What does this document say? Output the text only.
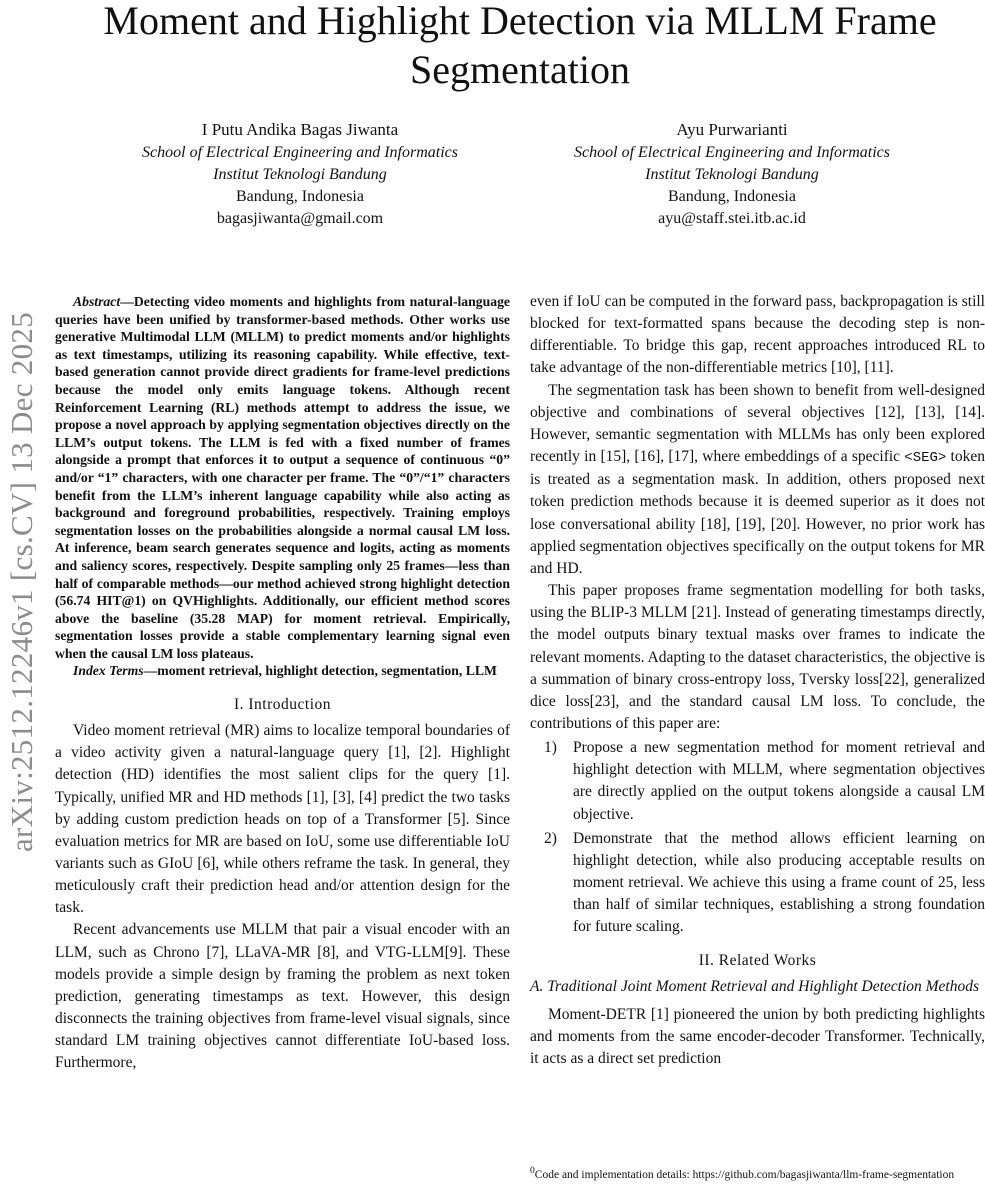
arXiv:2512.12246v1 [cs.CV] 13 Dec 2025
Moment and Highlight Detection via MLLM Frame Segmentation
I Putu Andika Bagas Jiwanta
School of Electrical Engineering and Informatics
Institut Teknologi Bandung
Bandung, Indonesia
bagasjiwanta@gmail.com
Ayu Purwarianti
School of Electrical Engineering and Informatics
Institut Teknologi Bandung
Bandung, Indonesia
ayu@staff.stei.itb.ac.id

Abstract—Detecting video moments and highlights from natural-language queries have been unified by transformer-based methods. Other works use generative Multimodal LLM (MLLM) to predict moments and/or highlights as text timestamps, utilizing its reasoning capability. While effective, text-based generation cannot provide direct gradients for frame-level predictions because the model only emits language tokens. Although recent Reinforcement Learning (RL) methods attempt to address the issue, we propose a novel approach by applying segmentation objectives directly on the LLM’s output tokens. The LLM is fed with a fixed number of frames alongside a prompt that enforces it to output a sequence of continuous “0” and/or “1” characters, with one character per frame. The “0”/“1” characters benefit from the LLM’s inherent language capability while also acting as background and foreground probabilities, respectively. Training employs segmentation losses on the probabilities alongside a normal causal LM loss. At inference, beam search generates sequence and logits, acting as moments and saliency scores, respectively. Despite sampling only 25 frames—less than half of comparable methods—our method achieved strong highlight detection (56.74 HIT@1) on QVHighlights. Additionally, our efficient method scores above the baseline (35.28 MAP) for moment retrieval. Empirically, segmentation losses provide a stable complementary learning signal even when the causal LM loss plateaus.

Index Terms—moment retrieval, highlight detection, segmentation, LLM

I. Introduction

Video moment retrieval (MR) aims to localize temporal boundaries of a video activity given a natural-language query [1], [2]. Highlight detection (HD) identifies the most salient clips for the query [1]. Typically, unified MR and HD methods [1], [3], [4] predict the two tasks by adding custom prediction heads on top of a Transformer [5]. Since evaluation metrics for MR are based on IoU, some use differentiable IoU variants such as GIoU [6], while others reframe the task. In general, they meticulously craft their prediction head and/or attention design for the task.

Recent advancements use MLLM that pair a visual encoder with an LLM, such as Chrono [7], LLaVA-MR [8], and VTG-LLM[9]. These models provide a simple design by framing the problem as next token prediction, generating timestamps as text. However, this design disconnects the training objectives from frame-level visual signals, since standard LM training objectives cannot differentiate IoU-based loss. Furthermore,

even if IoU can be computed in the forward pass, backpropagation is still blocked for text-formatted spans because the decoding step is non-differentiable. To bridge this gap, recent approaches introduced RL to take advantage of the non-differentiable metrics [10], [11].

The segmentation task has been shown to benefit from well-designed objective and combinations of several objectives [12], [13], [14]. However, semantic segmentation with MLLMs has only been explored recently in [15], [16], [17], where embeddings of a specific <SEG> token is treated as a segmentation mask. In addition, others proposed next token prediction methods because it is deemed superior as it does not lose conversational ability [18], [19], [20]. However, no prior work has applied segmentation objectives specifically on the output tokens for MR and HD.

This paper proposes frame segmentation modelling for both tasks, using the BLIP-3 MLLM [21]. Instead of generating timestamps directly, the model outputs binary textual masks over frames to indicate the relevant moments. Adapting to the dataset characteristics, the objective is a summation of binary cross-entropy loss, Tversky loss[22], generalized dice loss[23], and the standard causal LM loss. To conclude, the contributions of this paper are:

1) Propose a new segmentation method for moment retrieval and highlight detection with MLLM, where segmentation objectives are directly applied on the output tokens alongside a causal LM objective.
2) Demonstrate that the method allows efficient learning on highlight detection, while also producing acceptable results on moment retrieval. We achieve this using a frame count of 25, less than half of similar techniques, establishing a strong foundation for future scaling.
II. Related Works
A. Traditional Joint Moment Retrieval and Highlight Detection Methods

Moment-DETR [1] pioneered the union by both predicting highlights and moments from the same encoder-decoder Transformer. Technically, it acts as a direct set prediction

$^0$Code and implementation details: https://github.com/bagasjiwanta/llm-frame-segmentation
